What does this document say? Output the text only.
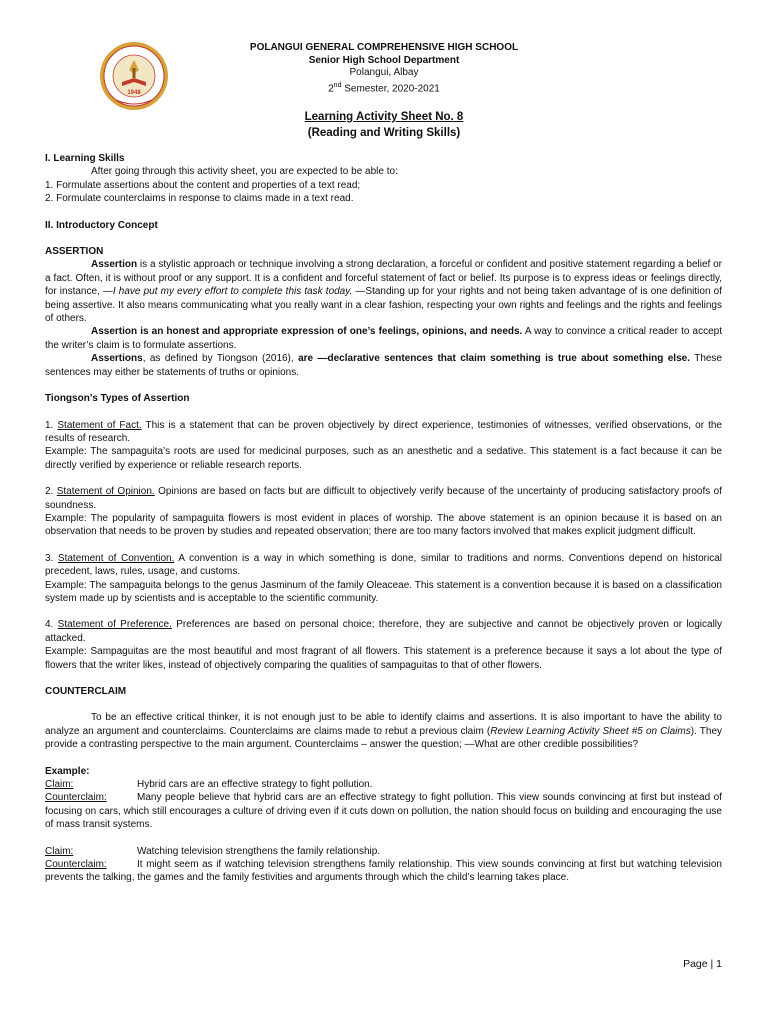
1948
POLANGUI GENERAL COMPREHENSIVE HIGH SCHOOL
Senior High School Department
Polangui, Albay
2nd Semester, 2020-2021
Learning Activity Sheet No. 8
(Reading and Writing Skills)

I. Learning Skills

After going through this activity sheet, you are expected to be able to:

1. Formulate assertions about the content and properties of a text read;

2. Formulate counterclaims in response to claims made in a text read.

II. Introductory Concept

ASSERTION

Assertion is a stylistic approach or technique involving a strong declaration, a forceful or confident and positive statement regarding a belief or a fact. Often, it is without proof or any support. It is a confident and forceful statement of fact or belief. Its purpose is to express ideas or feelings directly, for instance, —I have put my every effort to complete this task today. —Standing up for your rights and not being taken advantage of is one definition of being assertive. It also means communicating what you really want in a clear fashion, respecting your own rights and feelings and the rights and feelings of others.

Assertion is an honest and appropriate expression of one’s feelings, opinions, and needs. A way to convince a critical reader to accept the writer’s claim is to formulate assertions.

Assertions, as defined by Tiongson (2016), are —declarative sentences that claim something is true about something else. These sentences may either be statements of truths or opinions.

Tiongson’s Types of Assertion

1. Statement of Fact. This is a statement that can be proven objectively by direct experience, testimonies of witnesses, verified observations, or the results of research.

Example: The sampaguita’s roots are used for medicinal purposes, such as an anesthetic and a sedative. This statement is a fact because it can be directly verified by experience or reliable research reports.

2. Statement of Opinion. Opinions are based on facts but are difficult to objectively verify because of the uncertainty of producing satisfactory proofs of soundness.

Example: The popularity of sampaguita flowers is most evident in places of worship. The above statement is an opinion because it is based on an observation that needs to be proven by studies and repeated observation; there are too many factors involved that makes explicit judgment difficult.

3. Statement of Convention. A convention is a way in which something is done, similar to traditions and norms. Conventions depend on historical precedent, laws, rules, usage, and customs.

Example: The sampaguita belongs to the genus Jasminum of the family Oleaceae. This statement is a convention because it is based on a classification system made up by scientists and is acceptable to the scientific community.

4. Statement of Preference. Preferences are based on personal choice; therefore, they are subjective and cannot be objectively proven or logically attacked.

Example: Sampaguitas are the most beautiful and most fragrant of all flowers. This statement is a preference because it says a lot about the type of flowers that the writer likes, instead of objectively comparing the qualities of sampaguitas to that of other flowers.

COUNTERCLAIM

To be an effective critical thinker, it is not enough just to be able to identify claims and assertions. It is also important to have the ability to analyze an argument and counterclaims. Counterclaims are claims made to rebut a previous claim (Review Learning Activity Sheet #5 on Claims). They provide a contrasting perspective to the main argument. Counterclaims – answer the question; —What are other credible possibilities?

Example:

Claim:	Hybrid cars are an effective strategy to fight pollution.

Counterclaim:	Many people believe that hybrid cars are an effective strategy to fight pollution. This view sounds convincing at first but instead of focusing on cars, which still encourages a culture of driving even if it cuts down on pollution, the nation should focus on building and encouraging the use of mass transit systems.

Claim:	Watching television strengthens the family relationship.

Counterclaim:	It might seem as if watching television strengthens family relationship. This view sounds convincing at first but watching television prevents the talking, the games and the family festivities and arguments through which the child’s learning takes place.

Page | 1
